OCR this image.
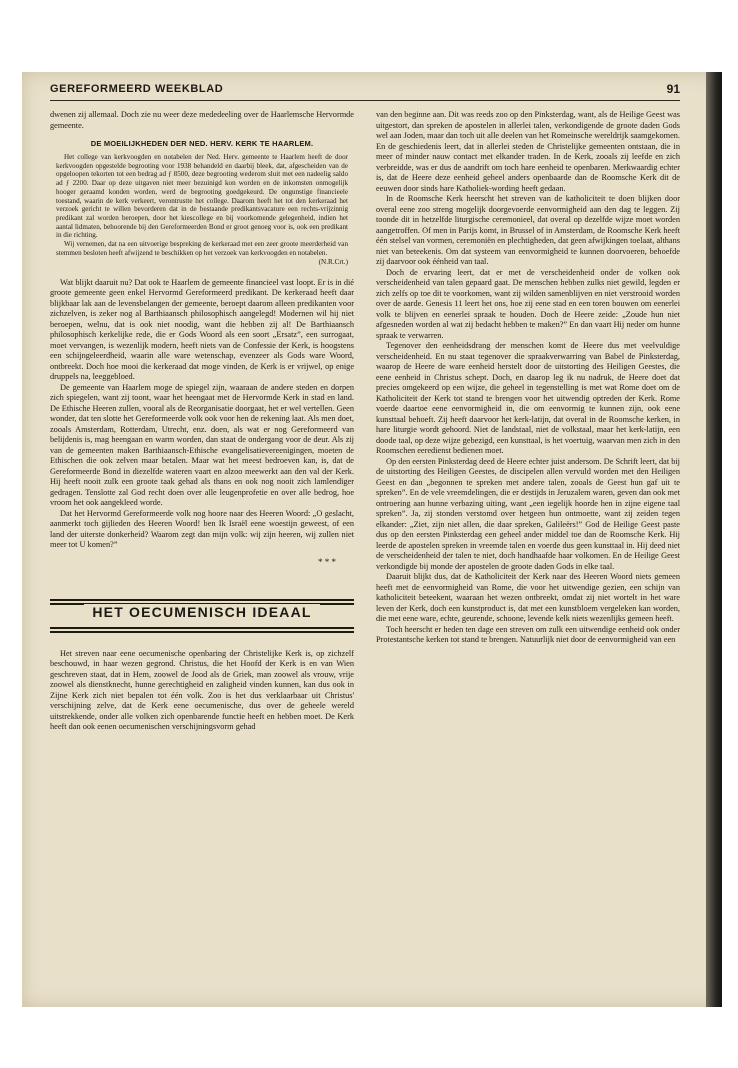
GEREFORMEERD WEEKBLAD	91

dwenen zij allemaal. Doch zie nu weer deze mededeeling over de Haarlemsche Hervormde gemeente.

DE MOEILIJKHEDEN DER NED. HERV. KERK TE HAARLEM.

Het college van kerkvoogden en notabelen der Ned. Herv. gemeente te Haarlem heeft de door kerkvoogden opgestelde begrooting voor 1938 behandeld en daarbij bleek, dat, afgescheiden van de opgeloopen tekorten tot een bedrag ad ƒ 8500, deze begrooting wederom sluit met een nadeelig saldo ad ƒ 2200. Daar op deze uitgaven niet meer bezuinigd kon worden en de inkomsten onmogelijk hooger geraamd konden worden, werd de begrooting goedgekeurd. De ongunstige financieele toestand, waarin de kerk verkeert, verontrustte het college. Daarom heeft het tot den kerkeraad het verzoek gericht te willen bevorderen dat in de bestaande predikantsvacature een rechts-vrijzinnig predikant zal worden beroepen, door het kiescollege en bij voorkomende gelegenheid, indien het aantal lidmaten, behoorende bij den Gereformeerden Bond er groot genoeg voor is, ook een predikant in die richting.

Wij vernemen, dat na een uitvoerige bespreking de kerkeraad met een zeer groote meerderheid van stemmen besloten heeft afwijzend te beschikken op het verzoek van kerkvoogden en notabelen.

(N.R.Crt.)

Wat blijkt daaruit nu? Dat ook te Haarlem de gemeente financieel vast loopt. Er is in dié groote gemeente geen enkel Hervormd Gereformeerd predikant. De kerkeraad heeft daar blijkbaar lak aan de levensbelangen der gemeente, beroept daarom alleen predikanten voor zichzelven, is zeker nog al Barthiaansch philosophisch aangelegd! Modernen wil hij niet beroepen, welnu, dat is ook niet noodig, want die hebben zij al! De Barthiaansch philosophisch kerkelijke rede, die er Gods Woord als een soort „Ersatz”, een surrogaat, moet vervangen, is wezenlijk modern, heeft niets van de Confessie der Kerk, is hoogstens een schijngeleerdheid, waarin alle ware wetenschap, evenzeer als Gods ware Woord, ontbreekt. Doch hoe mooi die kerkeraad dat moge vinden, de Kerk is er vrijwel, op enige druppels na, leeggebloed.

De gemeente van Haarlem moge de spiegel zijn, waaraan de andere steden en dorpen zich spiegelen, want zij toont, waar het heengaat met de Hervormde Kerk in stad en land. De Ethische Heeren zullen, vooral als de Reorganisatie doorgaat, het er wel vertellen. Geen wonder, dat ten slotte het Gereformeerde volk ook voor hen de rekening laat. Als men doet, zooals Amsterdam, Rotterdam, Utrecht, enz. doen, als wat er nog Gereformeerd van belijdenis is, mag heengaan en warm worden, dan staat de ondergang voor de deur. Als zij van de gemeenten maken Barthiaansch-Ethische evangelisatievereenigingen, moeten de Ethischen die ook zelven maar betalen. Maar wat het meest bedroeven kan, is, dat de Gereformeerde Bond in diezelfde wateren vaart en alzoo meewerkt aan den val der Kerk. Hij heeft nooit zulk een groote taak gehad als thans en ook nog nooit zich lamlendiger gedragen. Tenslotte zal God recht doen over alle leugenprofetie en over alle bedrog, hoe vroom het ook aangekleed worde.

Dat het Hervormd Gereformeerde volk nog hoore naar des Heeren Woord: „O geslacht, aanmerkt toch gijlieden des Heeren Woord! ben Ik Israël eene woestijn geweest, of een land der uiterste donkerheid? Waarom zegt dan mijn volk: wij zijn heeren, wij zullen niet meer tot U komen?”

* * *
HET OECUMENISCH IDEAAL

Het streven naar eene oecumenische openbaring der Christelijke Kerk is, op zichzelf beschouwd, in haar wezen gegrond. Christus, die het Hoofd der Kerk is en van Wien geschreven staat, dat in Hem, zoowel de Jood als de Griek, man zoowel als vrouw, vrije zoowel als dienstknecht, hunne gerechtigheid en zaligheid vinden kunnen, kan dus ook in Zijne Kerk zich niet bepalen tot één volk. Zoo is het dus verklaarbaar uit Christus' verschijning zelve, dat de Kerk eene oecumenische, dus over de geheele wereld uitstrekkende, onder alle volken zich openbarende functie heeft en hebben moet. De Kerk heeft dan ook eenen oecumenischen verschijningsvorm gehad

van den beginne aan. Dit was reeds zoo op den Pinksterdag, want, als de Heilige Geest was uitgestort, dan spreken de apostelen in allerlei talen, verkondigende de groote daden Gods wel aan Joden, maar dan toch uit alle deelen van het Romeinsche wereldrijk saamgekomen. En de geschiedenis leert, dat in allerlei steden de Christelijke gemeenten ontstaan, die in meer of minder nauw contact met elkander traden. In de Kerk, zooals zij leefde en zich verbreidde, was er dus de aandrift om toch hare eenheid te openbaren. Merkwaardig echter is, dat de Heere deze eenheid geheel anders openbaarde dan de Roomsche Kerk dit de eeuwen door sinds hare Katholiek-wording heeft gedaan.

In de Roomsche Kerk heerscht het streven van de katholiciteit te doen blijken door overal eene zoo streng mogelijk doorgevoerde eenvormigheid aan den dag te leggen. Zij toonde dit in hetzelfde liturgische ceremonieel, dat overal op dezelfde wijze moet worden aangetroffen. Of men in Parijs komt, in Brussel of in Amsterdam, de Roomsche Kerk heeft één stelsel van vormen, ceremoniën en plechtigheden, dat geen afwijkingen toelaat, althans niet van beteekenis. Om dat systeem van eenvormigheid te kunnen doorvoeren, behoefde zij daarvoor ook éénheid van taal.

Doch de ervaring leert, dat er met de verscheidenheid onder de volken ook verscheidenheid van talen gepaard gaat. De menschen hebben zulks niet gewild, legden er zich zelfs op toe dit te voorkomen, want zij wilden samenblijven en niet verstrooid worden over de aarde. Genesis 11 leert het ons, hoe zij eene stad en een toren bouwen om eenerlei volk te blijven en eenerlei spraak te houden. Doch de Heere zeide: „Zoude hun niet afgesneden worden al wat zij bedacht hebben te maken?” En dan vaart Hij neder om hunne spraak te verwarren.

Tegenover den eenheidsdrang der menschen komt de Heere dus met veelvuldige verscheidenheid. En nu staat tegenover die spraakverwarring van Babel de Pinksterdag, waarop de Heere de ware eenheid herstelt door de uitstorting des Heiligen Geestes, die eene eenheid in Christus schept. Doch, en daarop leg ik nu nadruk, de Heere doet dat precies omgekeerd op een wijze, die geheel in tegenstelling is met wat Rome doet om de Katholiciteit der Kerk tot stand te brengen voor het uitwendig optreden der Kerk. Rome voerde daartoe eene eenvormigheid in, die om eenvormig te kunnen zijn, ook eene kunsttaal behoeft. Zij heeft daarvoor het kerk-latijn, dat overal in de Roomsche kerken, in hare liturgie wordt gehoord. Niet de landstaal, niet de volkstaal, maar het kerk-latijn, een doode taal, op deze wijze gebezigd, een kunsttaal, is het voertuig, waarvan men zich in den Roomschen eeredienst bedienen moet.

Op den eersten Pinksterdag deed de Heere echter juist andersom. De Schrift leert, dat bij de uitstorting des Heiligen Geestes, de discipelen allen vervuld worden met den Heiligen Geest en dan „begonnen te spreken met andere talen, zooals de Geest hun gaf uit te spreken”. En de vele vreemdelingen, die er destijds in Jeruzalem waren, geven dan ook met ontroering aan hunne verbazing uiting, want „een iegelijk hoorde hen in zijne eigene taal spreken”. Ja, zij stonden verstomd over hetgeen hun ontmoette, want zij zeiden tegen elkander: „Ziet, zijn niet allen, die daar spreken, Galileërs!” God de Heilige Geest paste dus op den eersten Pinksterdag een geheel ander middel toe dan de Roomsche Kerk. Hij leerde de apostelen spreken in vreemde talen en voerde dus geen kunsttaal in. Hij deed niet de verscheidenheid der talen te niet, doch handhaafde haar volkomen. En de Heilige Geest verkondigde bij monde der apostelen de groote daden Gods in elke taal.

Daaruit blijkt dus, dat de Katholiciteit der Kerk naar des Heeren Woord niets gemeen heeft met de eenvormigheid van Rome, die voor het uitwendige gezien, een schijn van katholiciteit beteekent, waaraan het wezen ontbreekt, omdat zij niet wortelt in het ware leven der Kerk, doch een kunstproduct is, dat met een kunstbloem vergeleken kan worden, die met eene ware, echte, geurende, schoone, levende kelk niets wezenlijks gemeen heeft.

Toch heerscht er heden ten dage een streven om zulk een uitwendige eenheid ook onder Protestantsche kerken tot stand te brengen. Natuurlijk niet door de eenvormigheid van een
